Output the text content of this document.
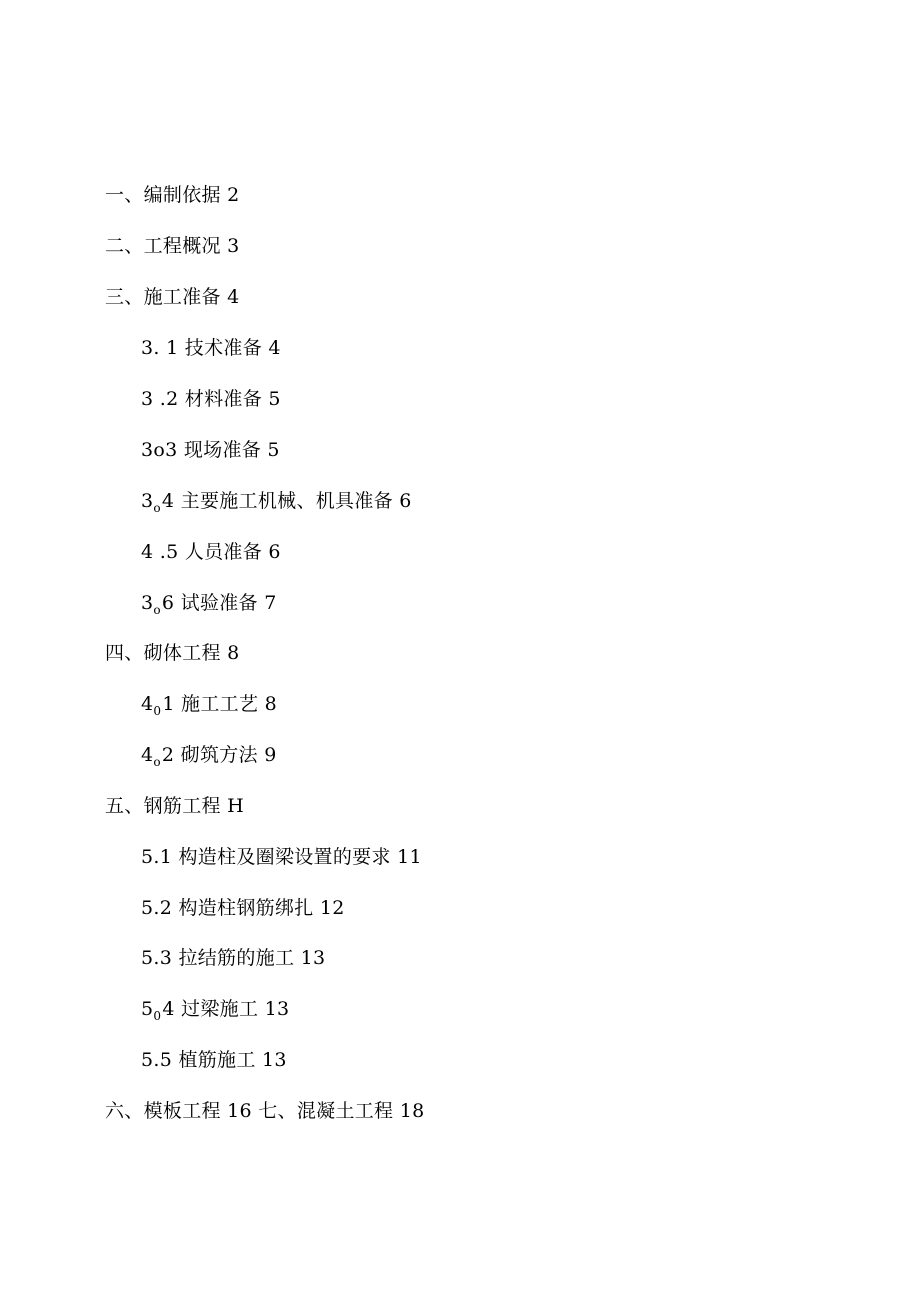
一、编制依据 2
二、工程概况 3
三、施工准备 4
3. 1 技术准备 4
3 .2 材料准备 5
3o3 现场准备 5
$3_o4$ 主要施工机械、机具准备 6
4 .5 人员准备 6
$3_o6$ 试验准备 7
四、砌体工程 8
$4_01$ 施工工艺 8
$4_o2$ 砌筑方法 9
五、钢筋工程 H
5.1 构造柱及圈梁设置的要求 11
5.2 构造柱钢筋绑扎 12
5.3 拉结筋的施工 13
$5_04$ 过梁施工 13
5.5 植筋施工 13
六、模板工程 16 七、混凝土工程 18
